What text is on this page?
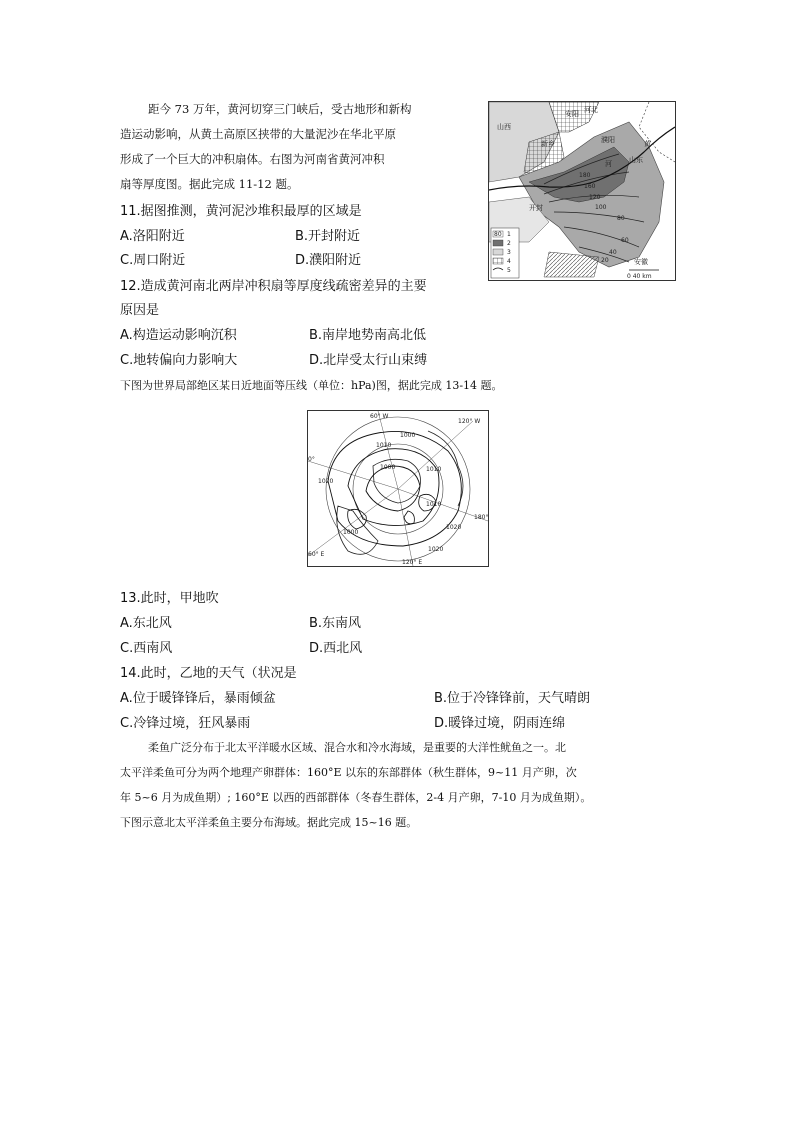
距今 73 万年，黄河切穿三门峡后，受古地形和新构
造运动影响，从黄土高原区挟带的大量泥沙在华北平原
形成了一个巨大的冲积扇体。右图为河南省黄河冲积
扇等厚度图。据此完成 11-12 题。
11.据图推测，黄河泥沙堆积最厚的区域是
A.洛阳附近	B.开封附近
C.周口附近	D.濮阳附近
12.造成黄河南北两岸冲积扇等厚度线疏密差异的主要
原因是
A.构造运动影响沉积	B.南岸地势南高北低
C.地转偏向力影响大	D.北岸受太行山束缚
山西
河北
安阳
新乡	濮阳
山东
黄
河
开封
180
160
120
100
80
60
40
20	安徽
0 40 km
80 1
2
3
4
5
下图为世界局部绝区某日近地面等压线（单位：hPa)图，据此完成 13-14 题。
60° W
120° W
0°
180°
60° E
120° E
1000
1010
1020
1000	1010
1020
1000
1010
1020
13.此时，甲地吹
A.东北风	B.东南风
C.西南风	D.西北风
14.此时，乙地的天气（状况是
A.位于暖锋锋后，暴雨倾盆	B.位于冷锋锋前，天气晴朗
C.冷锋过境，狂风暴雨	D.暖锋过境，阴雨连绵
柔鱼广泛分布于北太平洋暖水区域、混合水和冷水海域，是重要的大洋性鱿鱼之一。北
太平洋柔鱼可分为两个地理产卵群体：160°E 以东的东部群体（秋生群体，9~11 月产卵，次
年 5~6 月为成鱼期）; 160°E 以西的西部群体（冬春生群体，2-4 月产卵，7-10 月为成鱼期）。
下图示意北太平洋柔鱼主要分布海域。据此完成 15~16 题。
